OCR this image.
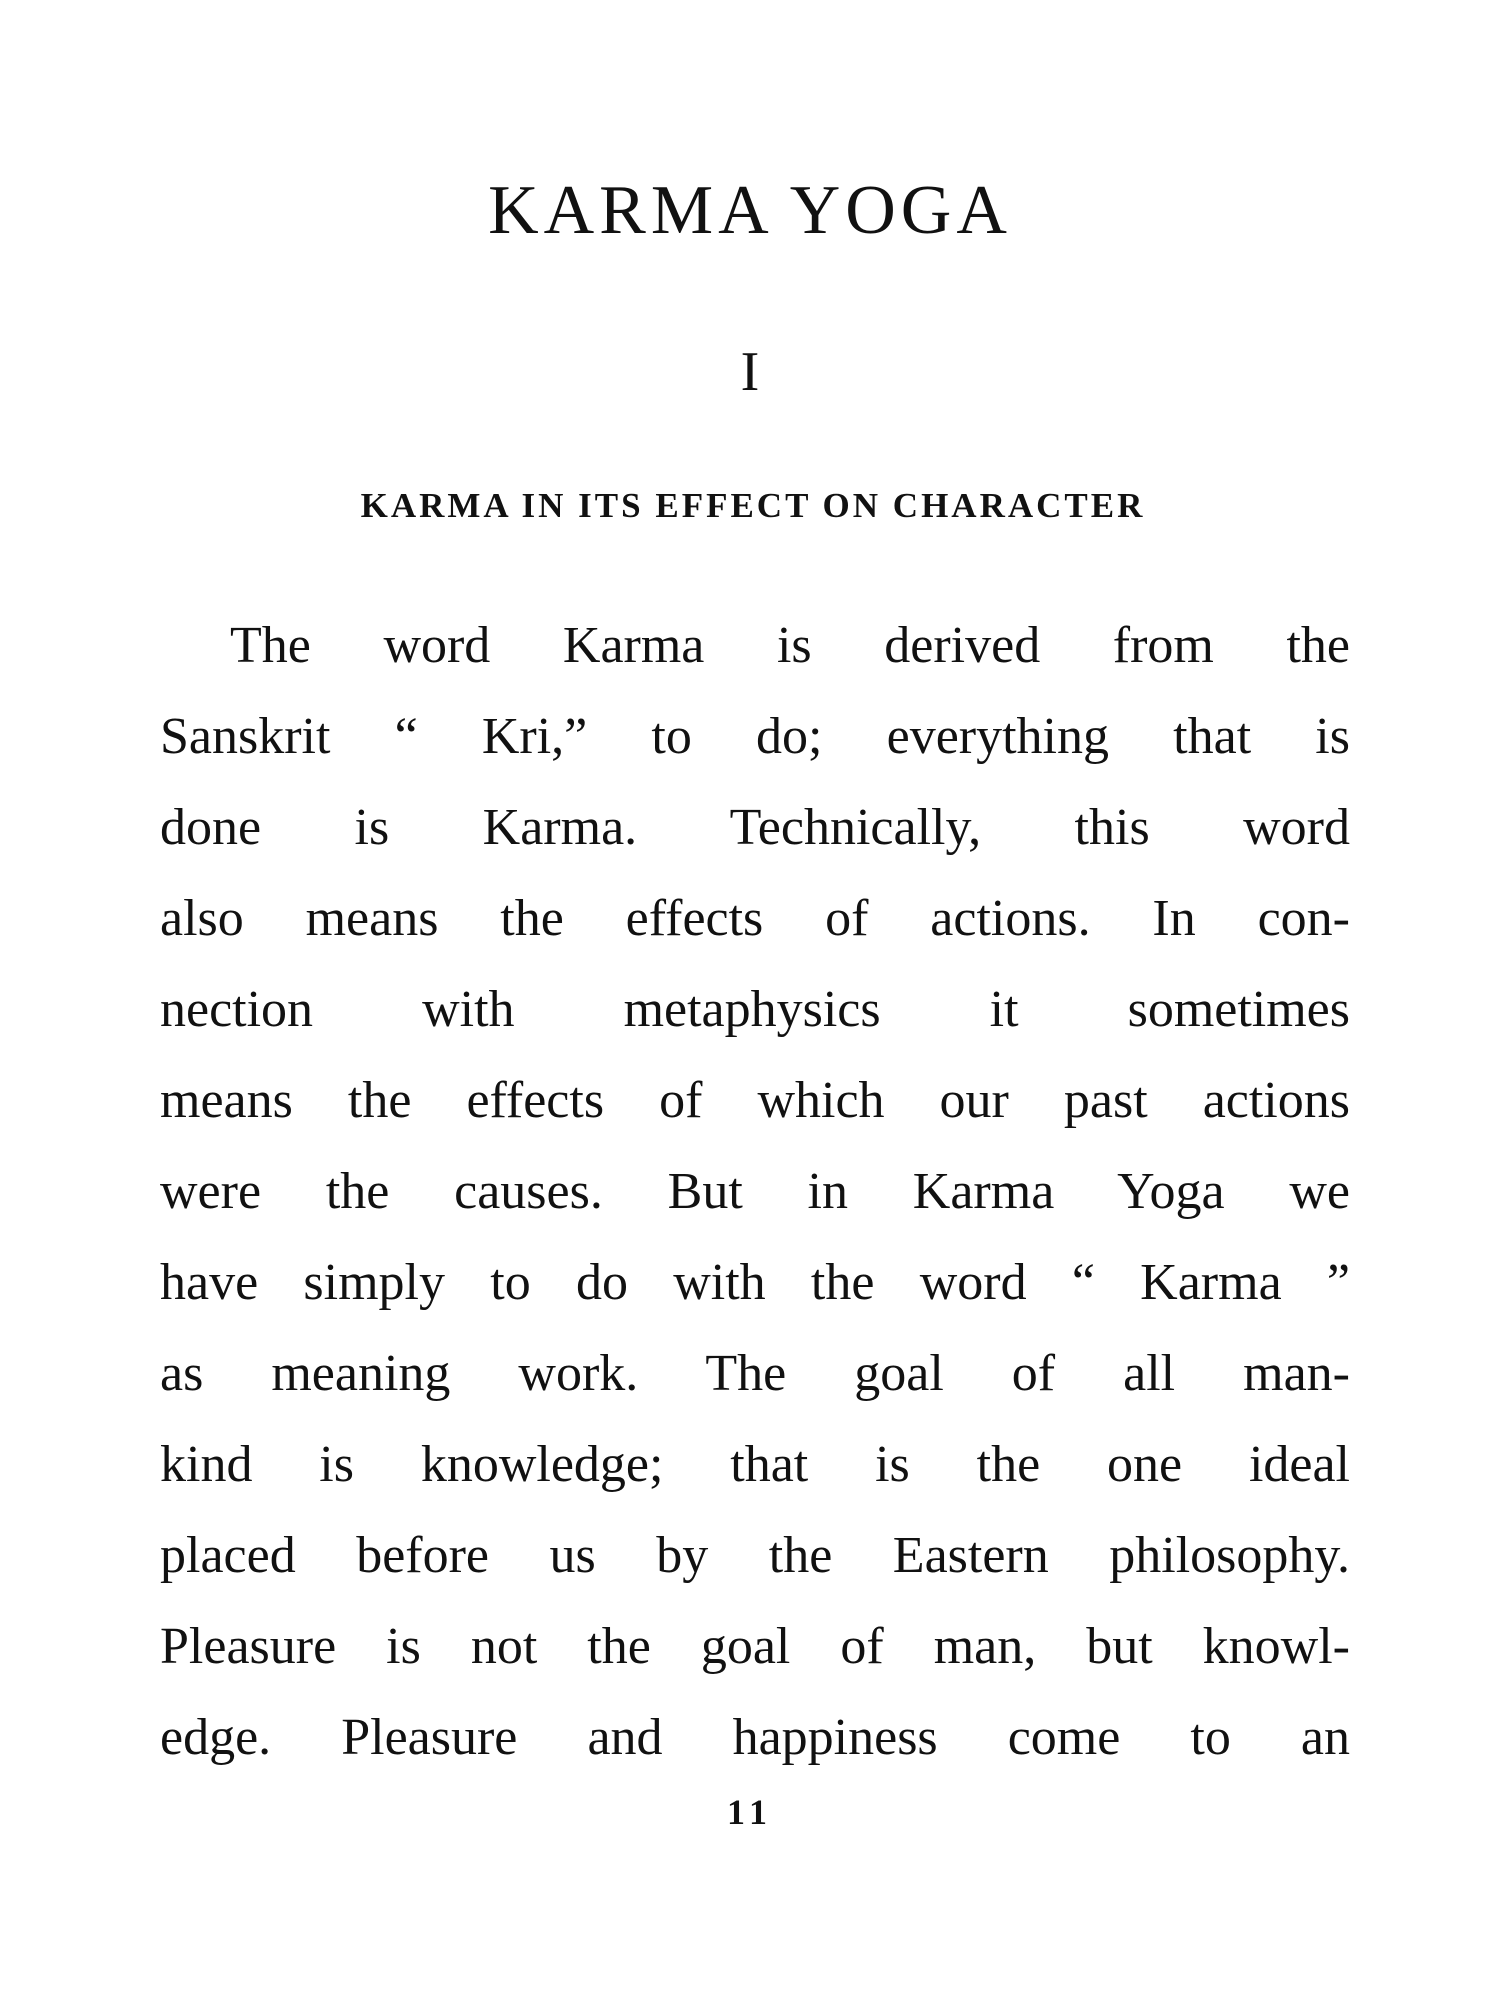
KARMA YOGA
I
KARMA IN ITS EFFECT ON CHARACTER
The word Karma is derived from the
Sanskrit “ Kri,” to do; everything that is
done is Karma. Technically, this word
also means the effects of actions. In con-
nection with metaphysics it sometimes
means the effects of which our past actions
were the causes. But in Karma Yoga we
have simply to do with the word “ Karma ”
as meaning work. The goal of all man-
kind is knowledge; that is the one ideal
placed before us by the Eastern philosophy.
Pleasure is not the goal of man, but knowl-
edge. Pleasure and happiness come to an
11
